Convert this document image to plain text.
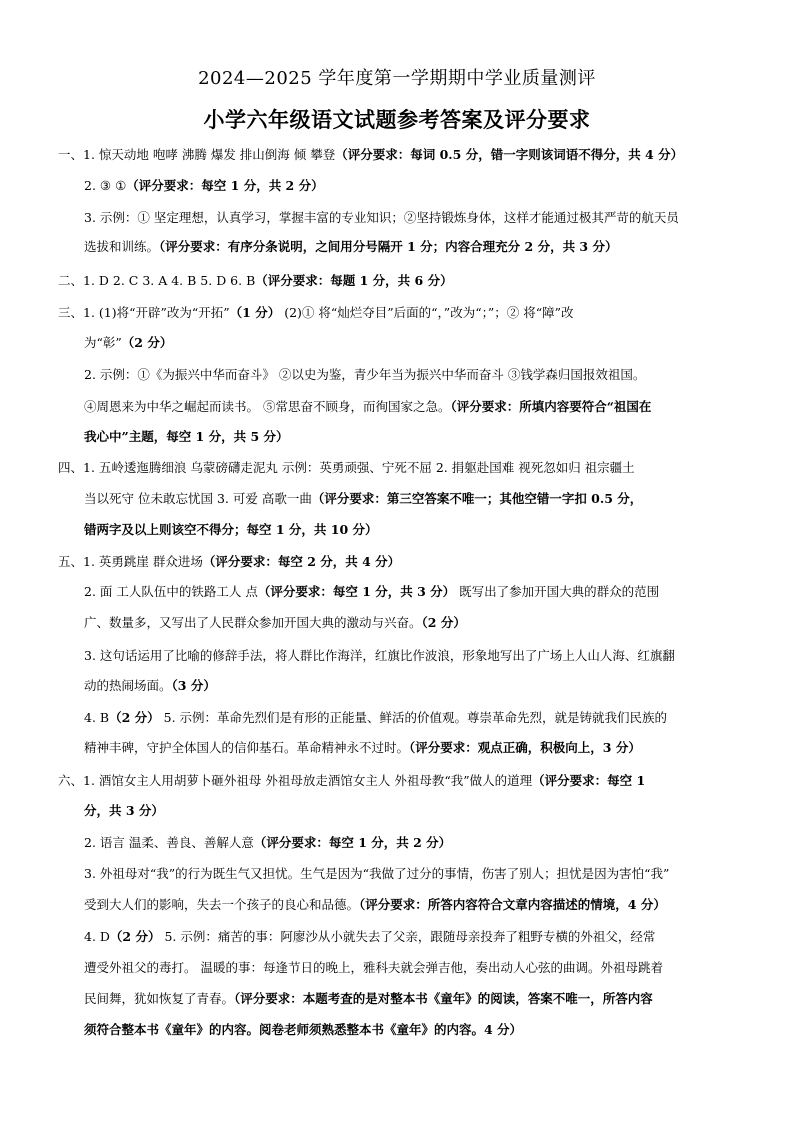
2024—2025 学年度第一学期期中学业质量测评
小学六年级语文试题参考答案及评分要求
一、1. 惊天动地 咆哮 沸腾 爆发 排山倒海 倾 攀登（评分要求：每词 0.5 分，错一字则该词语不得分，共 4 分）
2. ③ ①（评分要求：每空 1 分，共 2 分）
3. 示例：① 坚定理想，认真学习，掌握丰富的专业知识；②坚持锻炼身体，这样才能通过极其严苛的航天员
选拔和训练。（评分要求：有序分条说明，之间用分号隔开 1 分；内容合理充分 2 分，共 3 分）
二、1. D 2. C 3. A 4. B 5. D 6. B（评分要求：每题 1 分，共 6 分）
三、1. (1)将“开辟”改为“开拓”（1 分） (2)① 将“灿烂夺目”后面的“，”改为“；”；② 将“障”改
为“彰”（2 分）
2. 示例：①《为振兴中华而奋斗》 ②以史为鉴，青少年当为振兴中华而奋斗 ③钱学森归国报效祖国。
④周恩来为中华之崛起而读书。 ⑤常思奋不顾身，而徇国家之急。（评分要求：所填内容要符合“祖国在
我心中”主题，每空 1 分，共 5 分）
四、1. 五岭逶迤腾细浪 乌蒙磅礴走泥丸 示例：英勇顽强、宁死不屈 2. 捐躯赴国难 视死忽如归 祖宗疆土
当以死守 位未敢忘忧国 3. 可爱 高歌一曲（评分要求：第三空答案不唯一；其他空错一字扣 0.5 分，
错两字及以上则该空不得分；每空 1 分，共 10 分）
五、1. 英勇跳崖 群众进场（评分要求：每空 2 分，共 4 分）
2. 面 工人队伍中的铁路工人 点（评分要求：每空 1 分，共 3 分） 既写出了参加开国大典的群众的范围
广、数量多，又写出了人民群众参加开国大典的激动与兴奋。（2 分）
3. 这句话运用了比喻的修辞手法，将人群比作海洋，红旗比作波浪，形象地写出了广场上人山人海、红旗翻
动的热闹场面。（3 分）
4. B（2 分） 5. 示例：革命先烈们是有形的正能量、鲜活的价值观。尊崇革命先烈，就是铸就我们民族的
精神丰碑，守护全体国人的信仰基石。革命精神永不过时。（评分要求：观点正确，积极向上，3 分）
六、1. 酒馆女主人用胡萝卜砸外祖母 外祖母放走酒馆女主人 外祖母教“我”做人的道理（评分要求：每空 1
分，共 3 分）
2. 语言 温柔、善良、善解人意（评分要求：每空 1 分，共 2 分）
3. 外祖母对“我”的行为既生气又担忧。生气是因为“我做了过分的事情，伤害了别人；担忧是因为害怕“我”
受到大人们的影响，失去一个孩子的良心和品德。（评分要求：所答内容符合文章内容描述的情境，4 分）
4. D（2 分） 5. 示例：痛苦的事：阿廖沙从小就失去了父亲，跟随母亲投奔了粗野专横的外祖父，经常
遭受外祖父的毒打。 温暖的事：每逢节日的晚上，雅科夫就会弹吉他，奏出动人心弦的曲调。外祖母跳着
民间舞，犹如恢复了青春。（评分要求：本题考查的是对整本书《童年》的阅读，答案不唯一，所答内容
须符合整本书《童年》的内容。阅卷老师须熟悉整本书《童年》的内容。4 分）
